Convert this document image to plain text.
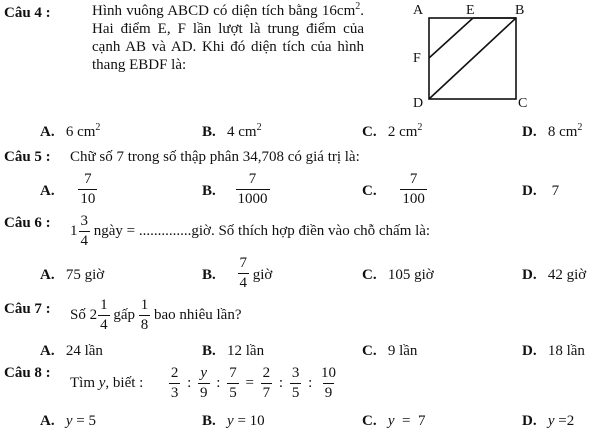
Câu 4 :	Hình vuông ABCD có diện tích bằng $16cm^2$. Hai điểm E, F lần lượt là trung điểm của cạnh AB và AD. Khi đó diện tích của hình thang EBDF là:
A	E	B
F
D	C
A. 6 $cm^2$	B. 4 $cm^2$	C. 2 $cm^2$	D. 8 $cm^2$
Câu 5 : Chữ số 7 trong số thập phân 34,708 có giá trị là:
A. $\frac{7}{10}$	B. $\frac{7}{1000}$	C. $\frac{7}{100}$	D. 7
Câu 6 : $1 \frac{3}{4}$ ngày = ..............giờ. Số thích hợp điền vào chỗ chấm là:
A. 75 giờ	B. $\frac{7}{4}$ giờ	C. 105 giờ	D. 42 giờ
Câu 7 : Số $2 \frac{1}{4}$ gấp $\frac{1}{8}$ bao nhiêu lần?
A. 24 lần	B. 12 lần	C. 9 lần	D. 18 lần
Câu 8 :
Tìm y, biết : $\frac{2}{3}$ : $\frac{y}{9}$ : $\frac{7}{5} = \frac{2}{7}$ : $\frac{3}{5}$ : $\frac{10}{9}$
A. y = 5	B. y = 10	C. y = 7	D. y =2
